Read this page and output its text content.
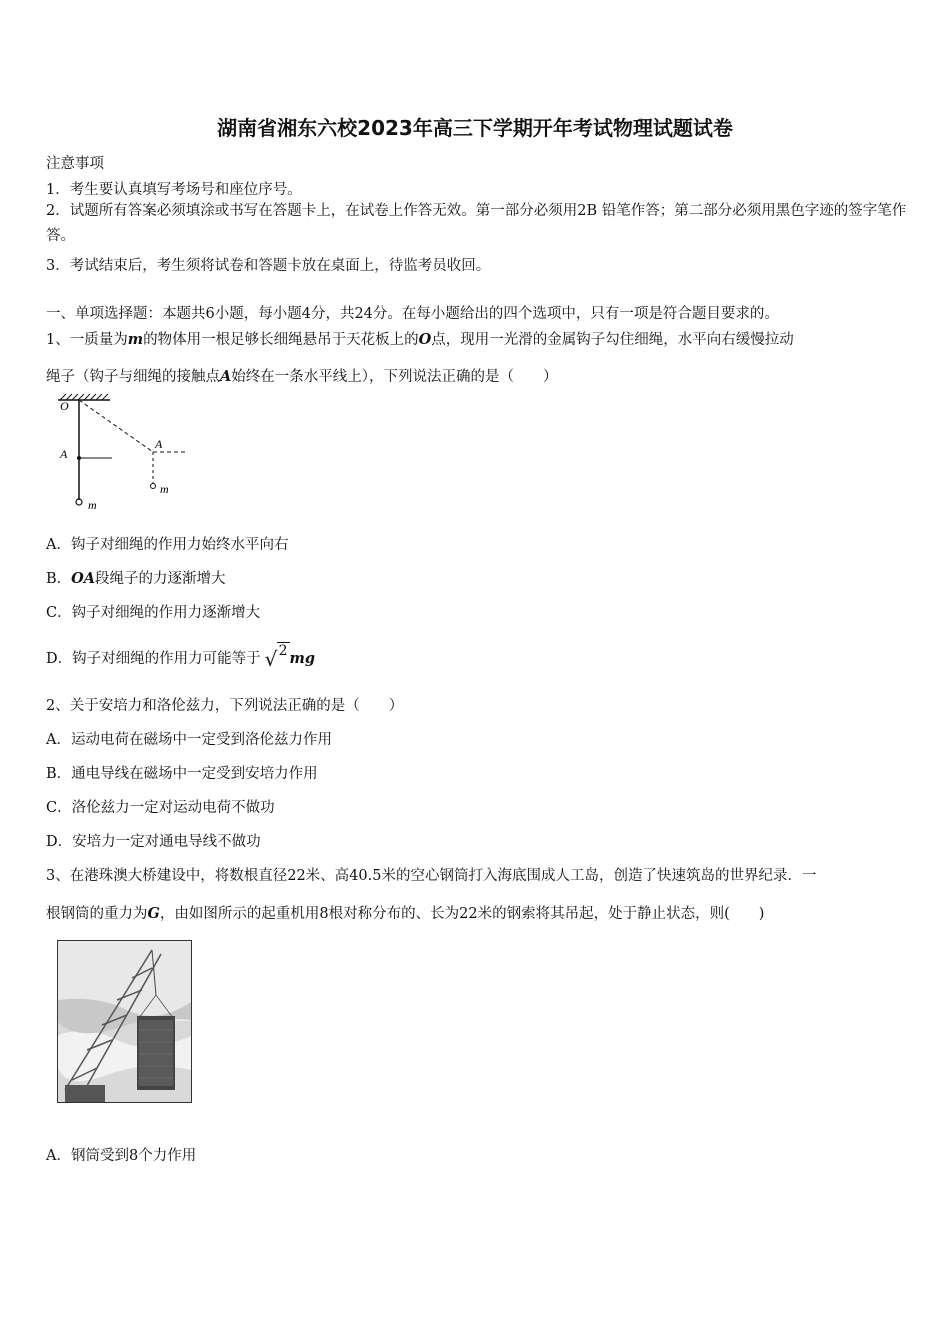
湖南省湘东六校2023年高三下学期开年考试物理试题试卷
注意事项
1．考生要认真填写考场号和座位序号。
2．试题所有答案必须填涂或书写在答题卡上，在试卷上作答无效。第一部分必须用2B 铅笔作答；第二部分必须用黑色字迹的签字笔作答。
3．考试结束后，考生须将试卷和答题卡放在桌面上，待监考员收回。
一、单项选择题：本题共6小题，每小题4分，共24分。在每小题给出的四个选项中，只有一项是符合题目要求的。
1、一质量为m的物体用一根足够长细绳悬吊于天花板上的O点，现用一光滑的金属钩子勾住细绳，水平向右缓慢拉动
绳子（钩子与细绳的接触点A始终在一条水平线上），下列说法正确的是（　　）
O
A
A
m
m
A．钩子对细绳的作用力始终水平向右
B．OA段绳子的力逐渐增大
C．钩子对细绳的作用力逐渐增大
D．钩子对细绳的作用力可能等于 √ 2 mg
2、关于安培力和洛伦兹力，下列说法正确的是（　　）
A．运动电荷在磁场中一定受到洛伦兹力作用
B．通电导线在磁场中一定受到安培力作用
C．洛伦兹力一定对运动电荷不做功
D．安培力一定对通电导线不做功
3、在港珠澳大桥建设中，将数根直径22米、高40.5米的空心钢筒打入海底围成人工岛，创造了快速筑岛的世界纪录．一
根钢筒的重力为G，由如图所示的起重机用8根对称分布的、长为22米的钢索将其吊起，处于静止状态，则(　　)
A．钢筒受到8个力作用
